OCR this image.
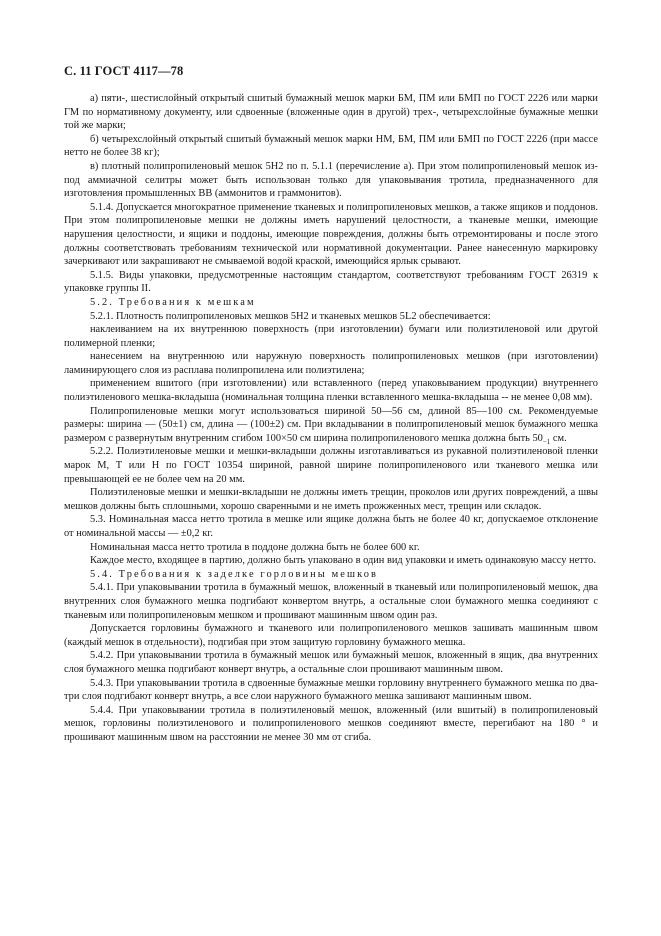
С. 11 ГОСТ 4117—78

а) пяти-, шестислойный открытый сшитый бумажный мешок марки БМ, ПМ или БМП по ГОСТ 2226 или марки ГМ по нормативному документу, или сдвоенные (вложенные один в другой) трех-, четырехслойные бумажные мешки той же марки;

б) четырехслойный открытый сшитый бумажный мешок марки НМ, БМ, ПМ или БМП по ГОСТ 2226 (при массе нетто не более 38 кг);

в) плотный полипропиленовый мешок 5Н2 по п. 5.1.1 (перечисление а). При этом полипропиленовый мешок из-под аммиачной селитры может быть использован только для упаковывания тротила, предназначенного для изготовления промышленных ВВ (аммонитов и граммонитов).

5.1.4. Допускается многократное применение тканевых и полипропиленовых мешков, а также ящиков и поддонов. При этом полипропиленовые мешки не должны иметь нарушений целостности, а тканевые мешки, имеющие нарушения целостности, и ящики и поддоны, имеющие повреждения, должны быть отремонтированы и после этого должны соответствовать требованиям технической или нормативной документации. Ранее нанесенную маркировку зачеркивают или закрашивают не смываемой водой краской, имеющийся ярлык срывают.

5.1.5. Виды упаковки, предусмотренные настоящим стандартом, соответствуют требованиям ГОСТ 26319 к упаковке группы II.

5.2. Требования к мешкам

5.2.1. Плотность полипропиленовых мешков 5Н2 и тканевых мешков 5L2 обеспечивается:

наклеиванием на их внутреннюю поверхность (при изготовлении) бумаги или полиэтиленовой или другой полимерной пленки;

нанесением на внутреннюю или наружную поверхность полипропиленовых мешков (при изготовлении) ламинирующего слоя из расплава полипропилена или полиэтилена;

применением вшитого (при изготовлении) или вставленного (перед упаковыванием продукции) внутреннего полиэтиленового мешка-вкладыша (номинальная толщина пленки вставленного мешка-вкладыша -- не менее 0,08 мм).

Полипропиленовые мешки могут использоваться шириной 50—56 см, длиной 85—100 см. Рекомендуемые размеры: ширина — (50±1) см, длина — (100±2) см. При вкладывании в полипропиленовый мешок бумажного мешка размером с развернутым внутренним сгибом 100×50 см ширина полипропиленового мешка должна быть $50_{-1}$ см.

5.2.2. Полиэтиленовые мешки и мешки-вкладыши должны изготавливаться из рукавной полиэтиленовой пленки марок М, Т или Н по ГОСТ 10354 шириной, равной ширине полипропиленового или тканевого мешка или превышающей ее не более чем на 20 мм.

Полиэтиленовые мешки и мешки-вкладыши не должны иметь трещин, проколов или других повреждений, а швы мешков должны быть сплошными, хорошо сваренными и не иметь прожженных мест, трещин или складок.

5.3. Номинальная масса нетто тротила в мешке или ящике должна быть не более 40 кг, допускаемое отклонение от номинальной массы — ±0,2 кг.

Номинальная масса нетто тротила в поддоне должна быть не более 600 кг.

Каждое место, входящее в партию, должно быть упаковано в один вид упаковки и иметь одинаковую массу нетто.

5.4. Требования к заделке горловины мешков

5.4.1. При упаковывании тротила в бумажный мешок, вложенный в тканевый или полипропиленовый мешок, два внутренних слоя бумажного мешка подгибают конвертом внутрь, а остальные слои бумажного мешка соединяют с тканевым или полипропиленовым мешком и прошивают машинным швом один раз.

Допускается горловины бумажного и тканевого или полипропиленового мешков зашивать машинным швом (каждый мешок в отдельности), подгибая при этом защитую горловину бумажного мешка.

5.4.2. При упаковывании тротила в бумажный мешок или бумажный мешок, вложенный в ящик, два внутренних слоя бумажного мешка подгибают конверт внутрь, а остальные слои прошивают машинным швом.

5.4.3. При упаковывании тротила в сдвоенные бумажные мешки горловину внутреннего бумажного мешка по два-три слоя подгибают конверт внутрь, а все слои наружного бумажного мешка зашивают машинным швом.

5.4.4. При упаковывании тротила в полиэтиленовый мешок, вложенный (или вшитый) в полипропиленовый мешок, горловины полиэтиленового и полипропиленового мешков соединяют вместе, перегибают на 180 ° и прошивают машинным швом на расстоянии не менее 30 мм от сгиба.
